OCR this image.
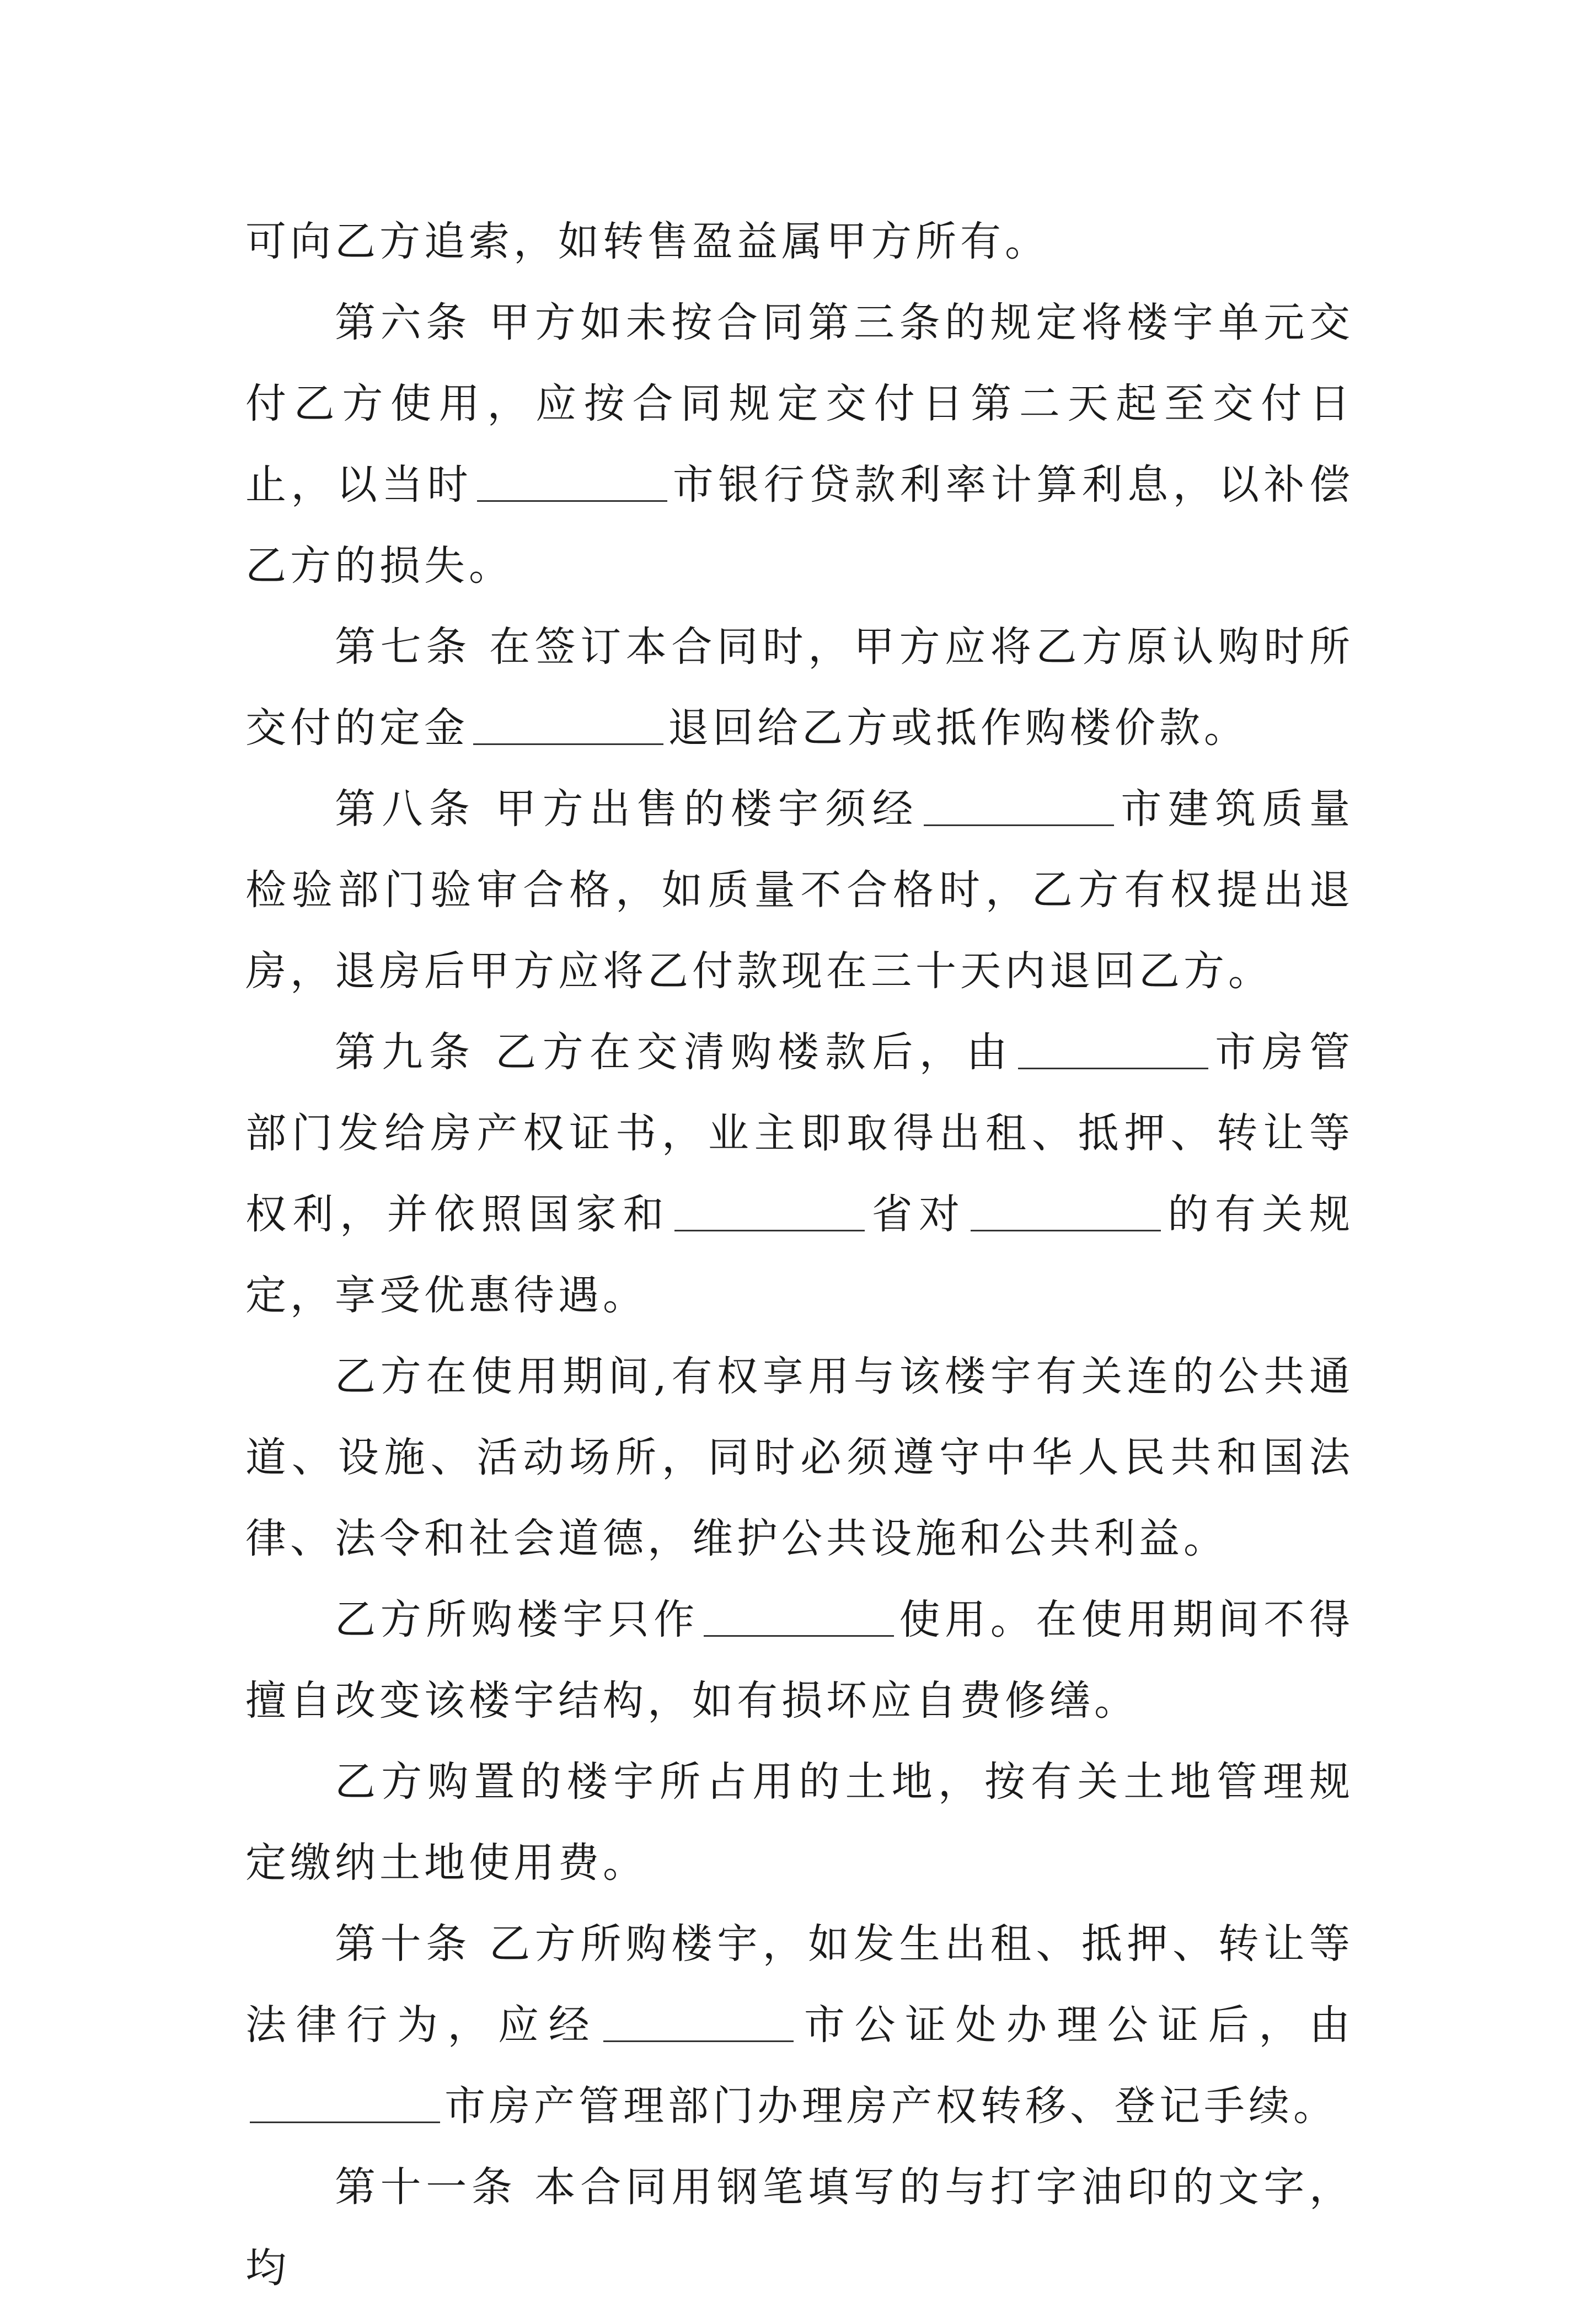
可向乙方追索，如转售盈益属甲方所有。

第六条 甲方如未按合同第三条的规定将楼宇单元交付乙方使用，应按合同规定交付日第二天起至交付日止，以当时	市银行贷款利率计算利息，以补偿乙方的损失。

第七条 在签订本合同时，甲方应将乙方原认购时所交付的定金	退回给乙方或抵作购楼价款。

第八条 甲方出售的楼宇须经	市建筑质量检验部门验审合格，如质量不合格时，乙方有权提出退房，退房后甲方应将乙付款现在三十天内退回乙方。

第九条 乙方在交清购楼款后，由	市房管部门发给房产权证书，业主即取得出租、抵押、转让等权利，并依照国家和	省对	的有关规定，享受优惠待遇。

乙方在使用期间,有权享用与该楼宇有关连的公共通道、设施、活动场所，同时必须遵守中华人民共和国法律、法令和社会道德，维护公共设施和公共利益。

乙方所购楼宇只作	使用。在使用期间不得擅自改变该楼宇结构，如有损坏应自费修缮。

乙方购置的楼宇所占用的土地，按有关土地管理规定缴纳土地使用费。

第十条 乙方所购楼宇，如发生出租、抵押、转让等法律行为，应经	市公证处办理公证后，由市房产管理部门办理房产权转移、登记手续。

第十一条 本合同用钢笔填写的与打字油印的文字，均
